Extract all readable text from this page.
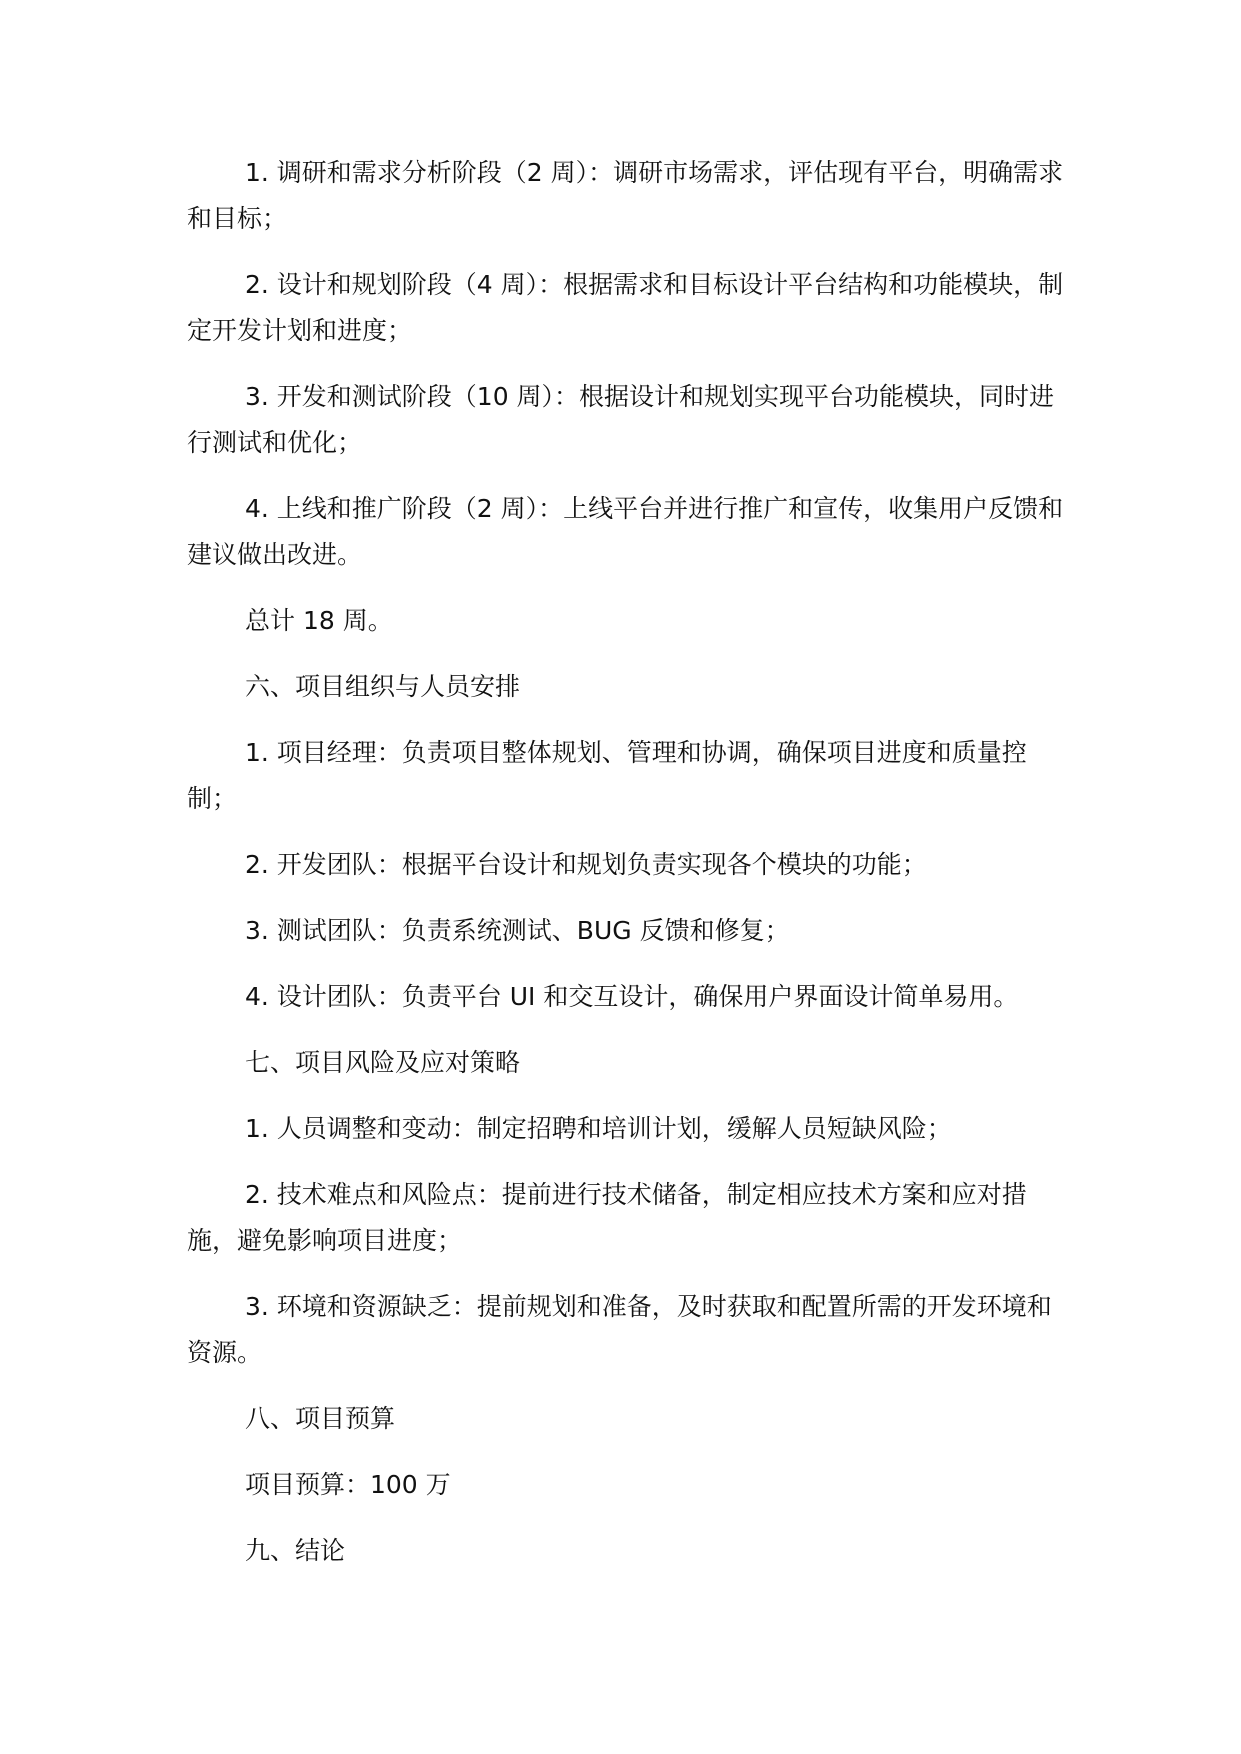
1. 调研和需求分析阶段（2 周）：调研市场需求，评估现有平台，明确需求和目标；

2. 设计和规划阶段（4 周）：根据需求和目标设计平台结构和功能模块，制定开发计划和进度；

3. 开发和测试阶段（10 周）：根据设计和规划实现平台功能模块，同时进行测试和优化；

4. 上线和推广阶段（2 周）：上线平台并进行推广和宣传，收集用户反馈和建议做出改进。

总计 18 周。

六、项目组织与人员安排

1. 项目经理：负责项目整体规划、管理和协调，确保项目进度和质量控制；

2. 开发团队：根据平台设计和规划负责实现各个模块的功能；

3. 测试团队：负责系统测试、BUG 反馈和修复；

4. 设计团队：负责平台 UI 和交互设计，确保用户界面设计简单易用。

七、项目风险及应对策略

1. 人员调整和变动：制定招聘和培训计划，缓解人员短缺风险；

2. 技术难点和风险点：提前进行技术储备，制定相应技术方案和应对措施，避免影响项目进度；

3. 环境和资源缺乏：提前规划和准备，及时获取和配置所需的开发环境和资源。

八、项目预算

项目预算：100 万

九、结论
